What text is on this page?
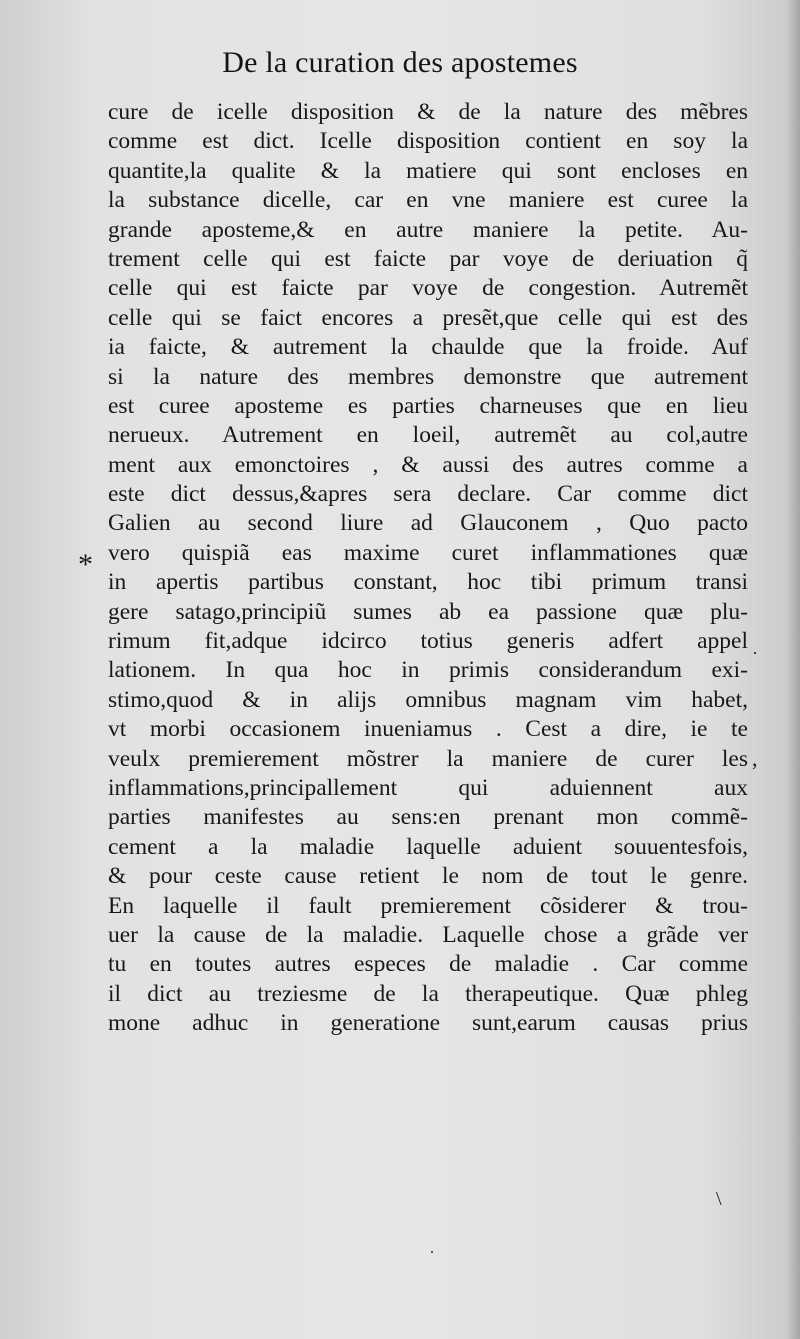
De la curation des apostemes
cure de icelle disposition & de la nature des mẽbres
comme est dict. Icelle disposition contient en soy la
quantite,la qualite & la matiere qui sont encloses en
la substance dicelle, car en vne maniere est curee la
grande aposteme,& en autre maniere la petite. Au-
trement celle qui est faicte par voye de deriuation q̃
celle qui est faicte par voye de congestion. Autremẽt
celle qui se faict encores a presẽt,que celle qui est des
ia faicte, & autrement la chaulde que la froide. Auf
si la nature des membres demonstre que autrement
est curee aposteme es parties charneuses que en lieu
nerueux. Autrement en loeil, autremẽt au col,autre
ment aux emonctoires , & aussi des autres comme a
este dict dessus,&apres sera declare. Car comme dict
Galien au second liure ad Glauconem , Quo pacto
vero quispiã eas maxime curet inflammationes quæ
in apertis partibus constant, hoc tibi primum transi
gere satago,principiũ sumes ab ea passione quæ plu-
rimum fit,adque idcirco totius generis adfert appel
lationem. In qua hoc in primis considerandum exi-
stimo,quod & in alijs omnibus magnam vim habet,
vt morbi occasionem inueniamus . Cest a dire, ie te
veulx premierement mõstrer la maniere de curer les
inflammations,principallement qui aduiennent aux
parties manifestes au sens:en prenant mon commẽ-
cement a la maladie laquelle aduient souuentesfois,
& pour ceste cause retient le nom de tout le genre.
En laquelle il fault premierement cõsiderer & trou-
uer la cause de la maladie. Laquelle chose a grãde ver
tu en toutes autres especes de maladie . Car comme
il dict au treziesme de la therapeutique. Quæ phleg
mone adhuc in generatione sunt,earum causas prius
*
·
,
\
.
